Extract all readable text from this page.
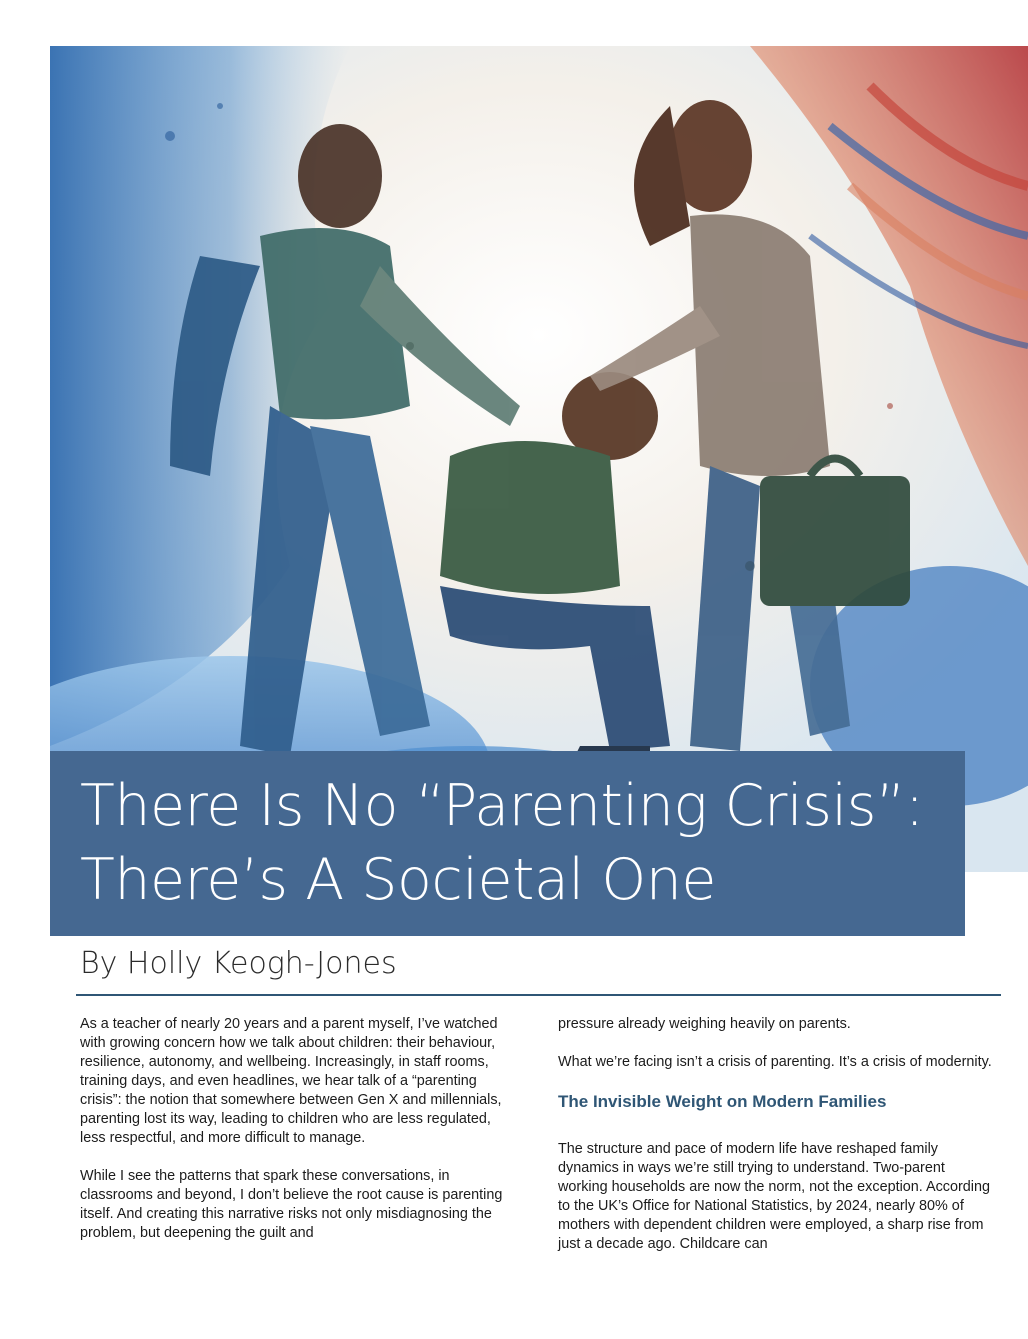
There Is No “Parenting Crisis”:
There’s A Societal One
By Holly Keogh-Jones

As a teacher of nearly 20 years and a parent myself, I’ve watched with growing concern how we talk about children: their behaviour, resilience, autonomy, and wellbeing. Increasingly, in staff rooms, training days, and even headlines, we hear talk of a “parenting crisis”: the notion that somewhere between Gen X and millennials, parenting lost its way, leading to children who are less regulated, less respectful, and more difficult to manage.

While I see the patterns that spark these conversations, in classrooms and beyond, I don’t believe the root cause is parenting itself. And creating this narrative risks not only misdiagnosing the problem, but deepening the guilt and

pressure already weighing heavily on parents.

What we’re facing isn’t a crisis of parenting. It’s a crisis of modernity.

The Invisible Weight on Modern Families

The structure and pace of modern life have reshaped family dynamics in ways we’re still trying to understand. Two-parent working households are now the norm, not the exception. According to the UK’s Office for National Statistics, by 2024, nearly 80% of mothers with dependent children were employed, a sharp rise from just a decade ago. Childcare can
